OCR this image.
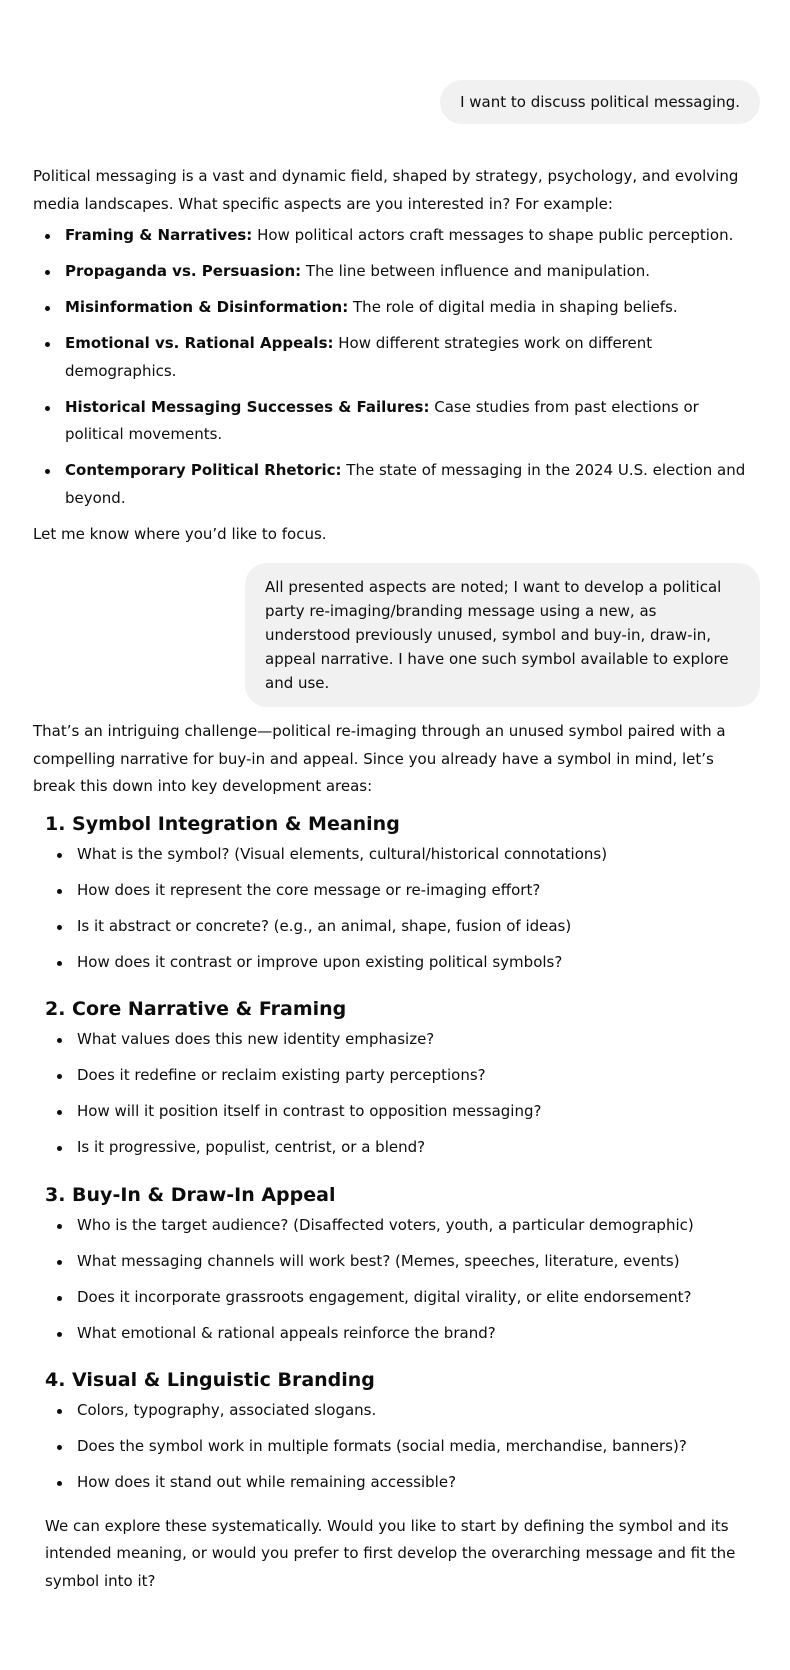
I want to discuss political messaging.

Political messaging is a vast and dynamic field, shaped by strategy, psychology, and evolving media landscapes. What specific aspects are you interested in? For example:

Framing & Narratives: How political actors craft messages to shape public perception.
Propaganda vs. Persuasion: The line between influence and manipulation.
Misinformation & Disinformation: The role of digital media in shaping beliefs.
Emotional vs. Rational Appeals: How different strategies work on different demographics.
Historical Messaging Successes & Failures: Case studies from past elections or political movements.
Contemporary Political Rhetoric: The state of messaging in the 2024 U.S. election and beyond.

Let me know where you’d like to focus.

All presented aspects are noted; I want to develop a political party re-imaging/branding message using a new, as understood previously unused, symbol and buy-in, draw-in, appeal narrative. I have one such symbol available to explore and use.

That’s an intriguing challenge—political re-imaging through an unused symbol paired with a compelling narrative for buy-in and appeal. Since you already have a symbol in mind, let’s break this down into key development areas:

1. Symbol Integration & Meaning
What is the symbol? (Visual elements, cultural/historical connotations)
How does it represent the core message or re-imaging effort?
Is it abstract or concrete? (e.g., an animal, shape, fusion of ideas)
How does it contrast or improve upon existing political symbols?
2. Core Narrative & Framing
What values does this new identity emphasize?
Does it redefine or reclaim existing party perceptions?
How will it position itself in contrast to opposition messaging?
Is it progressive, populist, centrist, or a blend?
3. Buy-In & Draw-In Appeal
Who is the target audience? (Disaffected voters, youth, a particular demographic)
What messaging channels will work best? (Memes, speeches, literature, events)
Does it incorporate grassroots engagement, digital virality, or elite endorsement?
What emotional & rational appeals reinforce the brand?
4. Visual & Linguistic Branding
Colors, typography, associated slogans.
Does the symbol work in multiple formats (social media, merchandise, banners)?
How does it stand out while remaining accessible?

We can explore these systematically. Would you like to start by defining the symbol and its intended meaning, or would you prefer to first develop the overarching message and fit the symbol into it?
